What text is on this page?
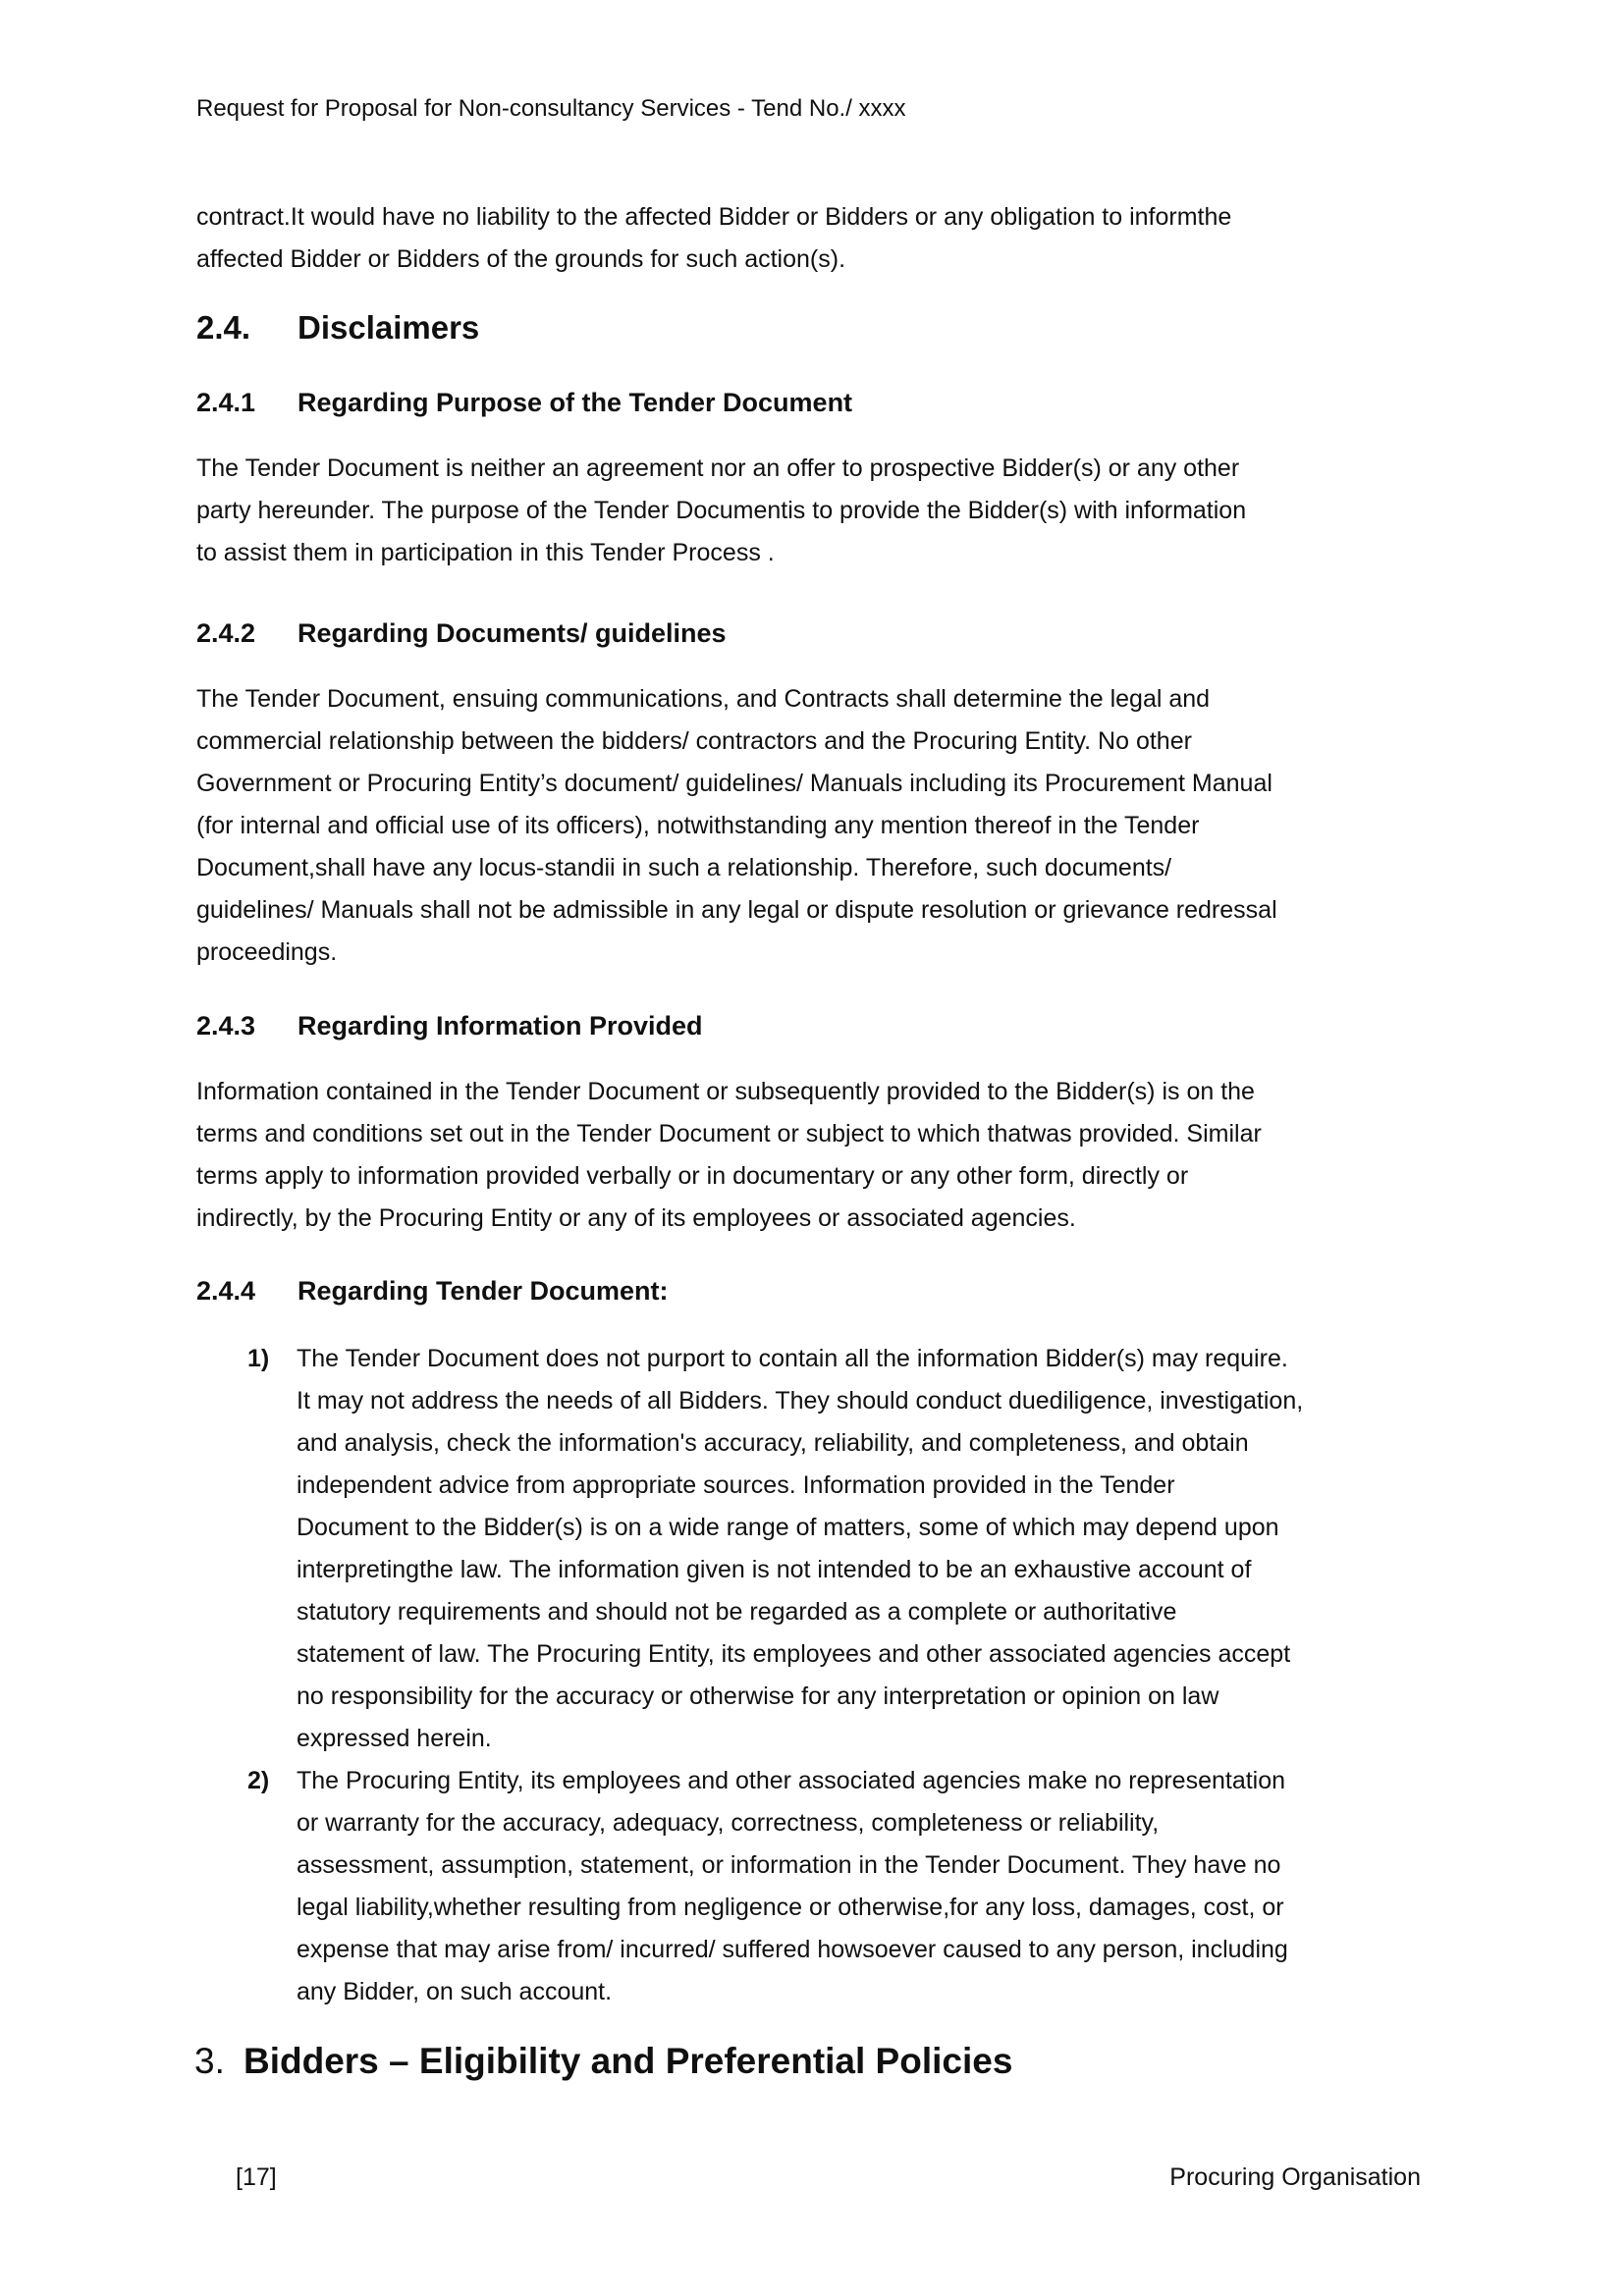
Request for Proposal for Non-consultancy Services - Tend No./ xxxx
contract.It would have no liability to the affected Bidder or Bidders or any obligation to informthe
affected Bidder or Bidders of the grounds for such action(s).
2.4. Disclaimers
2.4.1 Regarding Purpose of the Tender Document
The Tender Document is neither an agreement nor an offer to prospective Bidder(s) or any other
party hereunder. The purpose of the Tender Documentis to provide the Bidder(s) with information
to assist them in participation in this Tender Process .
2.4.2 Regarding Documents/ guidelines
The Tender Document, ensuing communications, and Contracts shall determine the legal and
commercial relationship between the bidders/ contractors and the Procuring Entity. No other
Government or Procuring Entity’s document/ guidelines/ Manuals including its Procurement Manual
(for internal and official use of its officers), notwithstanding any mention thereof in the Tender
Document,shall have any locus-standii in such a relationship. Therefore, such documents/
guidelines/ Manuals shall not be admissible in any legal or dispute resolution or grievance redressal
proceedings.
2.4.3 Regarding Information Provided
Information contained in the Tender Document or subsequently provided to the Bidder(s) is on the
terms and conditions set out in the Tender Document or subject to which thatwas provided. Similar
terms apply to information provided verbally or in documentary or any other form, directly or
indirectly, by the Procuring Entity or any of its employees or associated agencies.
2.4.4 Regarding Tender Document:
1) The Tender Document does not purport to contain all the information Bidder(s) may require.
It may not address the needs of all Bidders. They should conduct duediligence, investigation,
and analysis, check the information's accuracy, reliability, and completeness, and obtain
independent advice from appropriate sources. Information provided in the Tender
Document to the Bidder(s) is on a wide range of matters, some of which may depend upon
interpretingthe law. The information given is not intended to be an exhaustive account of
statutory requirements and should not be regarded as a complete or authoritative
statement of law. The Procuring Entity, its employees and other associated agencies accept
no responsibility for the accuracy or otherwise for any interpretation or opinion on law
expressed herein.
2) The Procuring Entity, its employees and other associated agencies make no representation
or warranty for the accuracy, adequacy, correctness, completeness or reliability,
assessment, assumption, statement, or information in the Tender Document. They have no
legal liability,whether resulting from negligence or otherwise,for any loss, damages, cost, or
expense that may arise from/ incurred/ suffered howsoever caused to any person, including
any Bidder, on such account.
3. Bidders – Eligibility and Preferential Policies
[17]	Procuring Organisation
